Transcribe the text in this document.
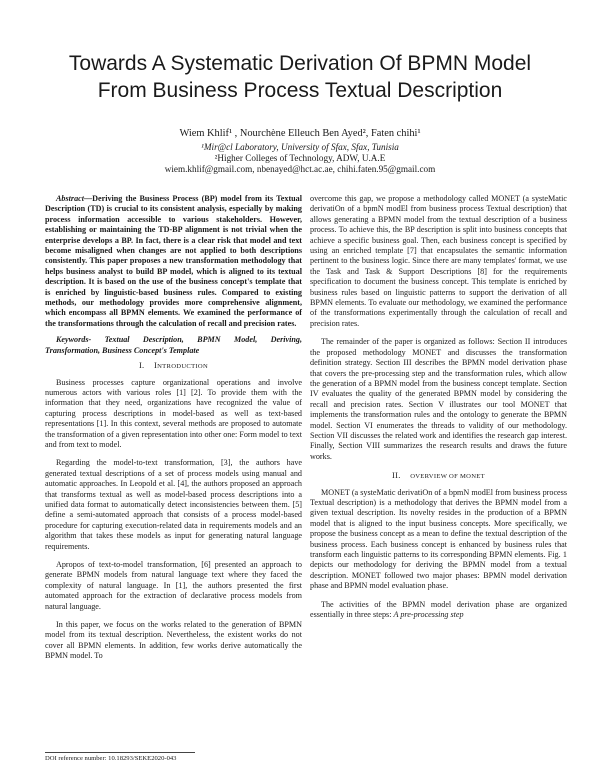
Towards A Systematic Derivation Of BPMN Model
From Business Process Textual Description
Wiem Khlif¹ , Nourchène Elleuch Ben Ayed², Faten chihi¹
¹Mir@cl Laboratory, University of Sfax, Sfax, Tunisia
²Higher Colleges of Technology, ADW, U.A.E
wiem.khlif@gmail.com, nbenayed@hct.ac.ae, chihi.faten.95@gmail.com

Abstract—Deriving the Business Process (BP) model from its Textual Description (TD) is crucial to its consistent analysis, especially by making process information accessible to various stakeholders. However, establishing or maintaining the TD-BP alignment is not trivial when the enterprise develops a BP. In fact, there is a clear risk that model and text become misaligned when changes are not applied to both descriptions consistently. This paper proposes a new transformation methodology that helps business analyst to build BP model, which is aligned to its textual description. It is based on the use of the business concept's template that is enriched by linguistic-based business rules. Compared to existing methods, our methodology provides more comprehensive alignment, which encompass all BPMN elements. We examined the performance of the transformations through the calculation of recall and precision rates.

Keywords- Textual Description, BPMN Model, Deriving, Transformation, Business Concept's Template

I. INTRODUCTION

Business processes capture organizational operations and involve numerous actors with various roles [1] [2]. To provide them with the information that they need, organizations have recognized the value of capturing process descriptions in model-based as well as text-based representations [1]. In this context, several methods are proposed to automate the transformation of a given representation into other one: Form model to text and from text to model.

Regarding the model-to-text transformation, [3], the authors have generated textual descriptions of a set of process models using manual and automatic approaches. In Leopold et al. [4], the authors proposed an approach that transforms textual as well as model-based process descriptions into a unified data format to automatically detect inconsistencies between them. [5] define a semi-automated approach that consists of a process model-based procedure for capturing execution-related data in requirements models and an algorithm that takes these models as input for generating natural language requirements.

Apropos of text-to-model transformation, [6] presented an approach to generate BPMN models from natural language text where they faced the complexity of natural language. In [1], the authors presented the first automated approach for the extraction of declarative process models from natural language.

In this paper, we focus on the works related to the generation of BPMN model from its textual description. Nevertheless, the existent works do not cover all BPMN elements. In addition, few works derive automatically the BPMN model. To

overcome this gap, we propose a methodology called MONET (a systeMatic derivatiOn of a bpmN modEl from business process Textual description) that allows generating a BPMN model from the textual description of a business process. To achieve this, the BP description is split into business concepts that achieve a specific business goal. Then, each business concept is specified by using an enriched template [7] that encapsulates the semantic information pertinent to the business logic. Since there are many templates' format, we use the Task and Task & Support Descriptions [8] for the requirements specification to document the business concept. This template is enriched by business rules based on linguistic patterns to support the derivation of all BPMN elements. To evaluate our methodology, we examined the performance of the transformations experimentally through the calculation of recall and precision rates.

The remainder of the paper is organized as follows: Section II introduces the proposed methodology MONET and discusses the transformation definition strategy. Section III describes the BPMN model derivation phase that covers the pre-processing step and the transformation rules, which allow the generation of a BPMN model from the business concept template. Section IV evaluates the quality of the generated BPMN model by considering the recall and precision rates. Section V illustrates our tool MONET that implements the transformation rules and the ontology to generate the BPMN model. Section VI enumerates the threads to validity of our methodology. Section VII discusses the related work and identifies the research gap interest. Finally, Section VIII summarizes the research results and draws the future works.

II. OVERVIEW OF MONET

MONET (a systeMatic derivatiOn of a bpmN modEl from business process Textual description) is a methodology that derives the BPMN model from a given textual description. Its novelty resides in the production of a BPMN model that is aligned to the input business concepts. More specifically, we propose the business concept as a mean to define the textual description of the business process. Each business concept is enhanced by business rules that transform each linguistic patterns to its corresponding BPMN elements. Fig. 1 depicts our methodology for deriving the BPMN model from a textual description. MONET followed two major phases: BPMN model derivation phase and BPMN model evaluation phase.

The activities of the BPMN model derivation phase are organized essentially in three steps: A pre-processing step

DOI reference number: 10.18293/SEKE2020-043
